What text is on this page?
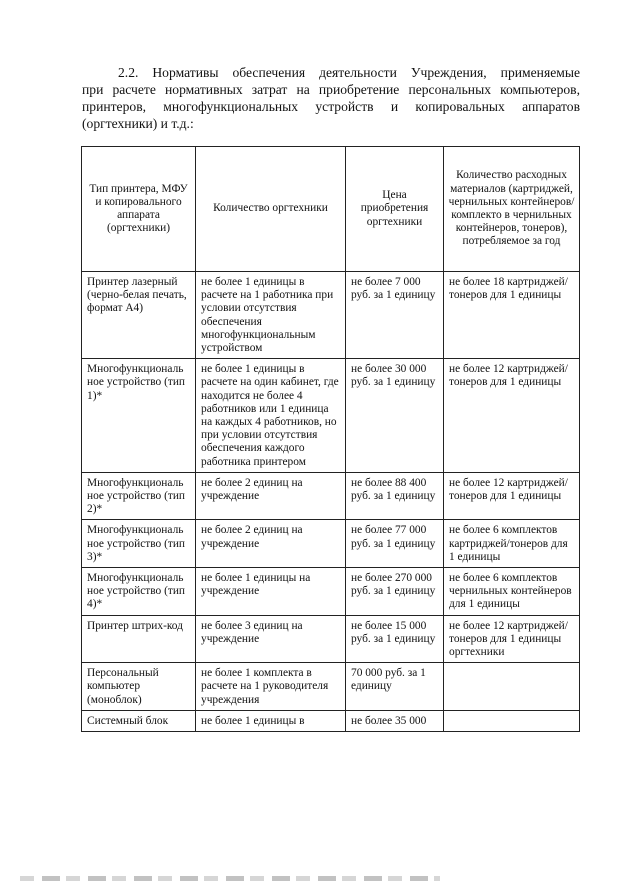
2.2. Нормативы обеспечения деятельности Учреждения, применяемые
при расчете нормативных затрат на приобретение персональных компьютеров,
принтеров, многофункциональных устройств и копировальных аппаратов
(оргтехники) и т.д.:
Тип принтера, МФУ и копировального аппарата (оргтехники)	Количество оргтехники	Цена приобретения оргтехники	Количество расходных материалов (картриджей, чернильных контейнеров/комплекто в чернильных контейнеров, тонеров), потребляемое за год
Принтер лазерный (черно-белая печать, формат А4)	не более 1 единицы в расчете на 1 работника при условии отсутствия обеспечения многофункциональным устройством	не более 7 000 руб. за 1 единицу	не более 18 картриджей/тонеров для 1 единицы
Многофункциональ ное устройство (тип 1)*	не более 1 единицы в расчете на один кабинет, где находится не более 4 работников или 1 единица на каждых 4 работников, но при условии отсутствия обеспечения каждого работника принтером	не более 30 000 руб. за 1 единицу	не более 12 картриджей/тонеров для 1 единицы
Многофункциональ ное устройство (тип 2)*	не более 2 единиц на учреждение	не более 88 400 руб. за 1 единицу	не более 12 картриджей/тонеров для 1 единицы
Многофункциональ ное устройство (тип 3)*	не более 2 единиц на учреждение	не более 77 000 руб. за 1 единицу	не более 6 комплектов картриджей/тонеров для 1 единицы
Многофункциональ ное устройство (тип 4)*	не более 1 единицы на учреждение	не более 270 000 руб. за 1 единицу	не более 6 комплектов чернильных контейнеров для 1 единицы
Принтер штрих-код	не более 3 единиц на учреждение	не более 15 000 руб. за 1 единицу	не более 12 картриджей/тонеров для 1 единицы оргтехники
Персональный компьютер (моноблок)	не более 1 комплекта в расчете на 1 руководителя учреждения	70 000 руб. за 1 единицу	
Системный блок	не более 1 единицы в	не более 35 000	
